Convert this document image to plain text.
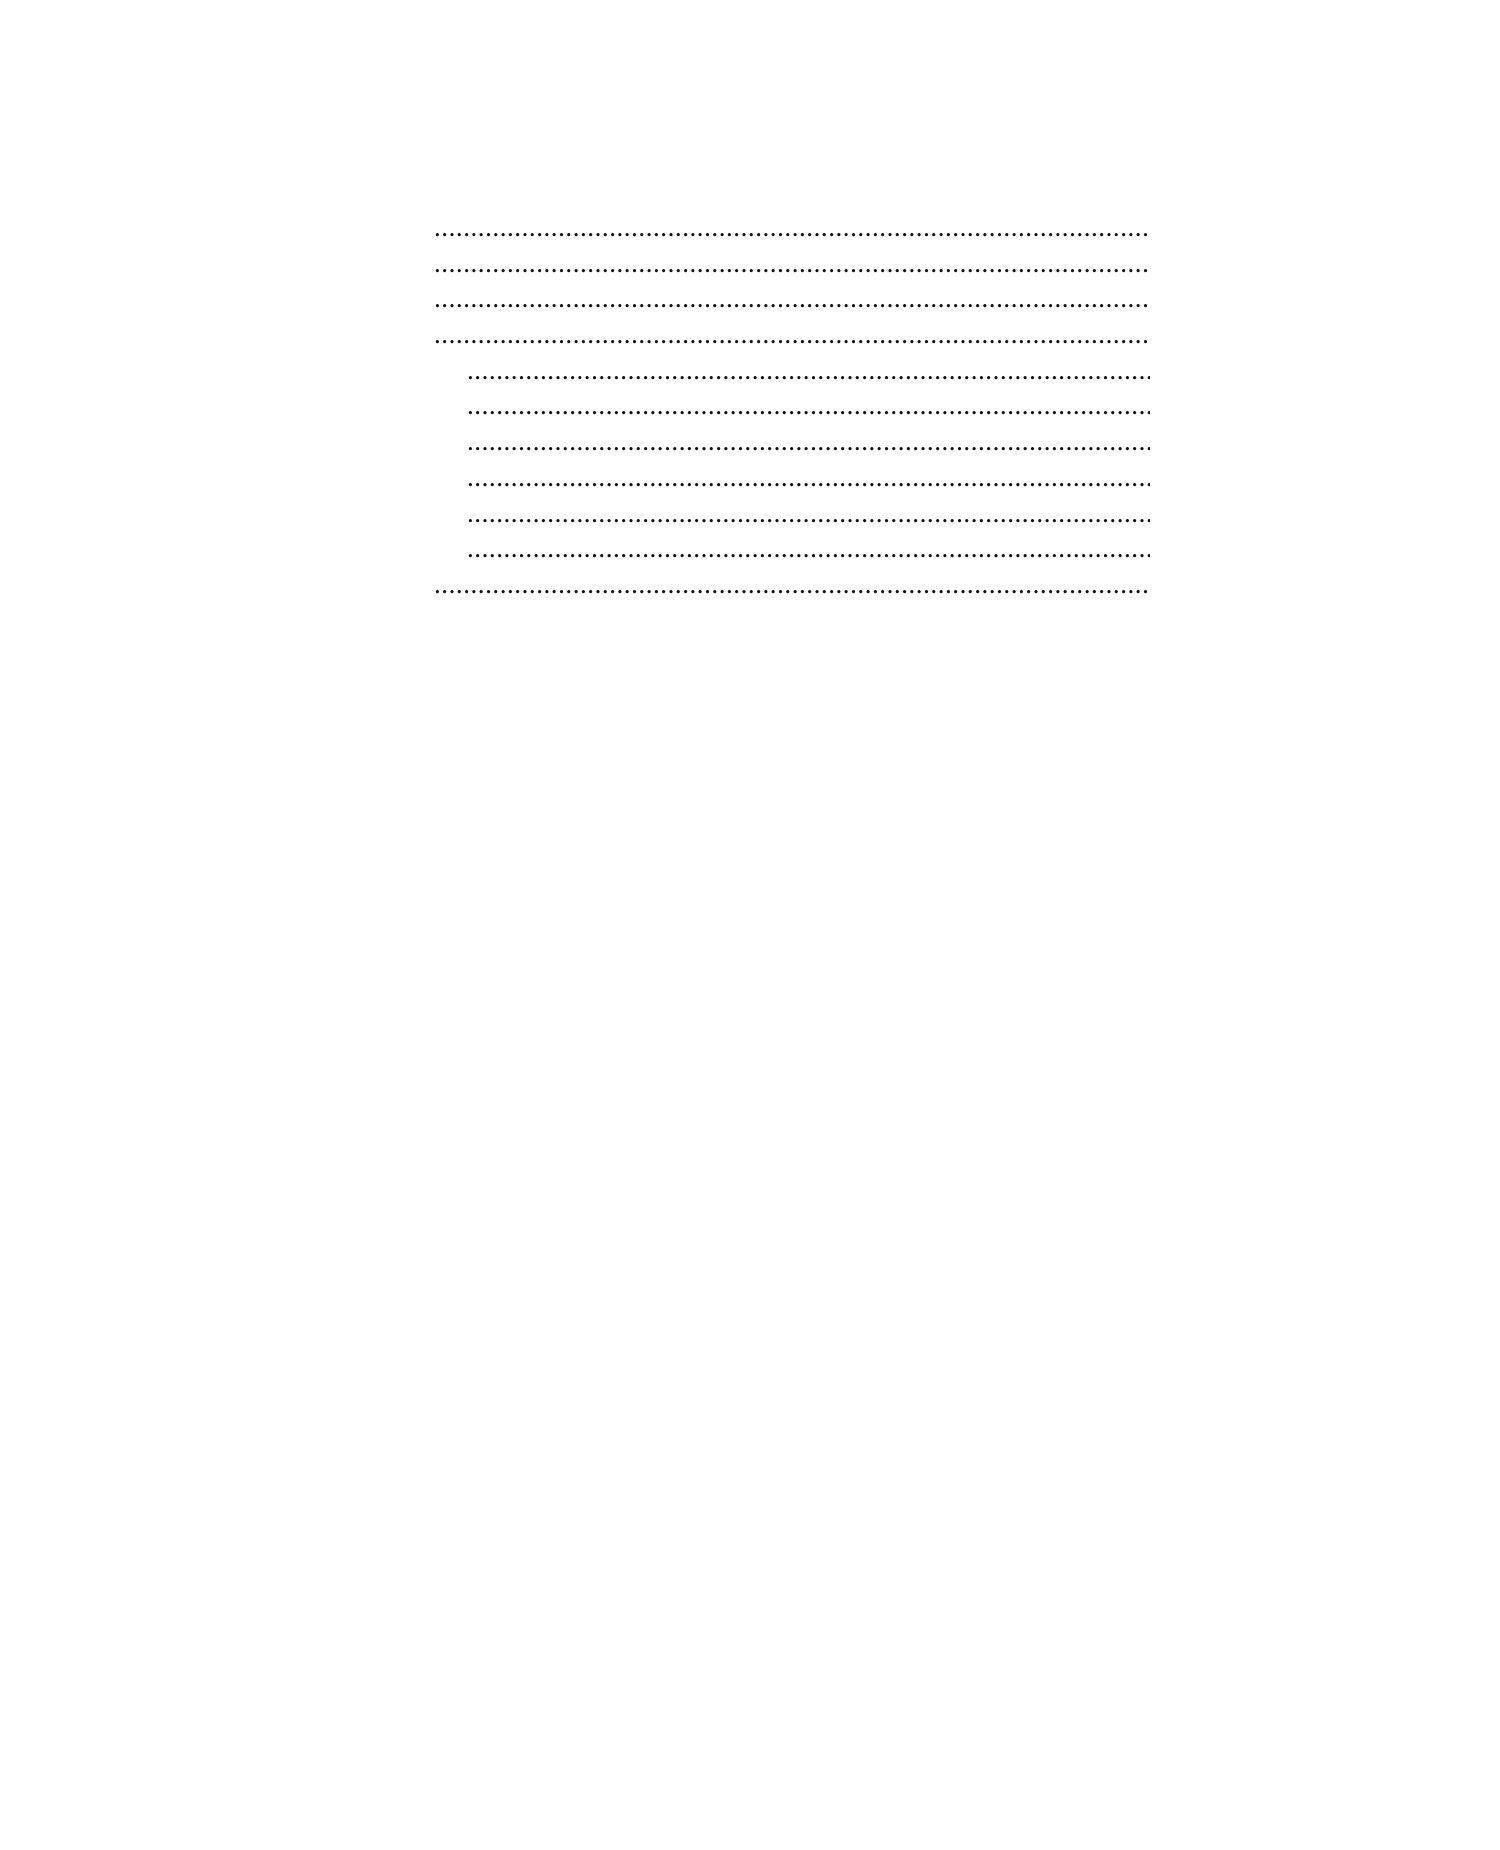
. . .
. . .
. . .
. . .
. . .
. . .
. . .
. . .
. . .
. . .
. . .
